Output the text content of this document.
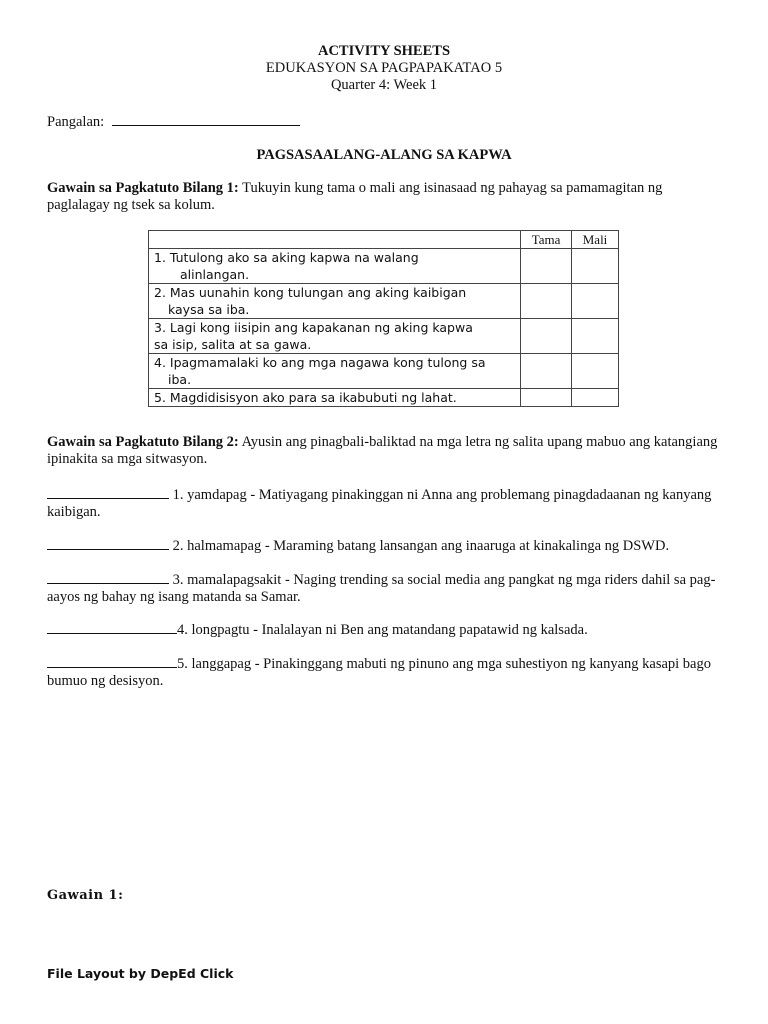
ACTIVITY SHEETS
EDUKASYON SA PAGPAPAKATAO 5
Quarter 4: Week 1
Pangalan:
PAGSASAALANG-ALANG SA KAPWA
Gawain sa Pagkatuto Bilang 1: Tukuyin kung tama o mali ang isinasaad ng pahayag sa pamamagitan ng paglalagay ng tsek sa kolum.
	Tama	Mali

1. Tutulong ako sa aking kapwa na walang
alinlangan.		

2. Mas uunahin kong tulungan ang aking kaibigan
kaysa sa iba.		

3. Lagi kong iisipin ang kapakanan ng aking kapwa
sa isip, salita at sa gawa.		

4. Ipagmamalaki ko ang mga nagawa kong tulong sa
iba.		

5. Magdidisisyon ako para sa ikabubuti ng lahat.		

Gawain sa Pagkatuto Bilang 2: Ayusin ang pinagbali-baliktad na mga letra ng salita upang mabuo ang katangiang ipinakita sa mga sitwasyon.
1. yamdapag - Matiyagang pinakinggan ni Anna ang problemang pinagdadaanan ng kanyang kaibigan.
2. halmamapag - Maraming batang lansangan ang inaaruga at kinakalinga ng DSWD.
3. mamalapagsakit - Naging trending sa social media ang pangkat ng mga riders dahil sa pag-aayos ng bahay ng isang matanda sa Samar.
4. longpagtu - Inalalayan ni Ben ang matandang papatawid ng kalsada.
5. langgapag - Pinakinggang mabuti ng pinuno ang mga suhestiyon ng kanyang kasapi bago bumuo ng desisyon.
Gawain 1:
File Layout by DepEd Click
